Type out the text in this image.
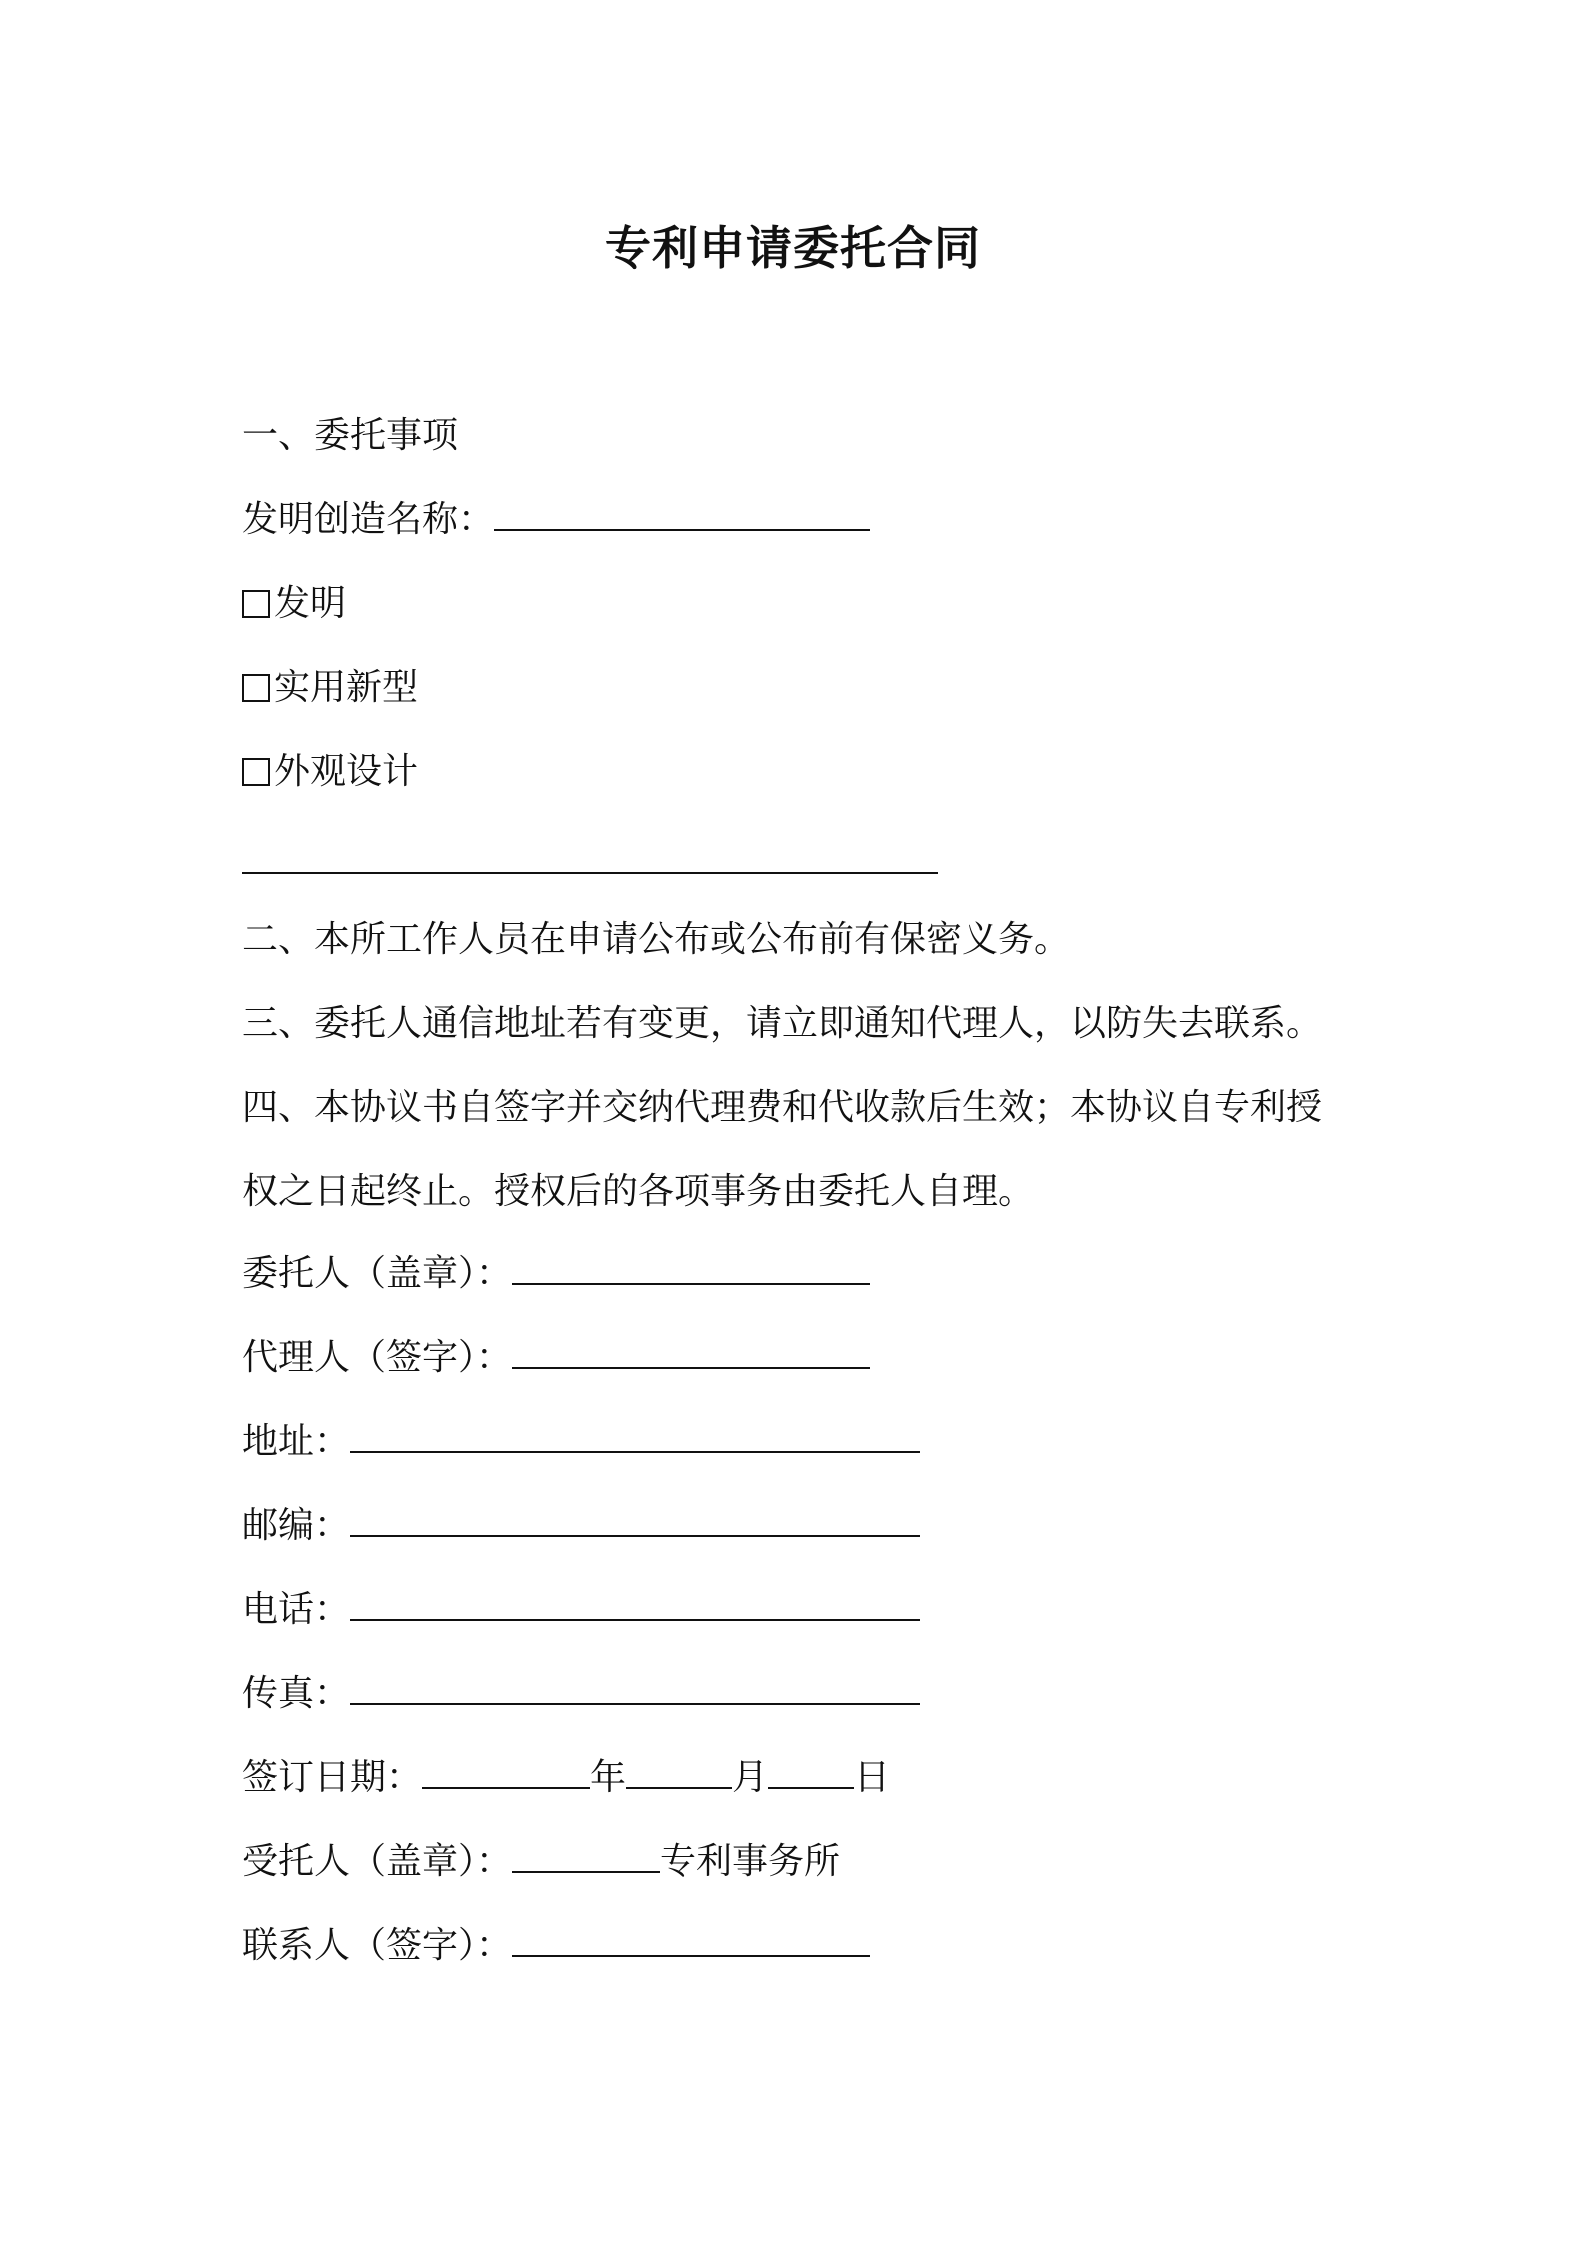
专利申请委托合同

一、委托事项

发明创造名称：

发明

实用新型

外观设计

二、本所工作人员在申请公布或公布前有保密义务。

三、委托人通信地址若有变更，请立即通知代理人，以防失去联系。

四、本协议书自签字并交纳代理费和代收款后生效；本协议自专利授

权之日起终止。授权后的各项事务由委托人自理。

委托人（盖章）：

代理人（签字）：

地址：

邮编：

电话：

传真：

签订日期：	年	月 日

受托人（盖章）：	专利事务所

联系人（签字）：
